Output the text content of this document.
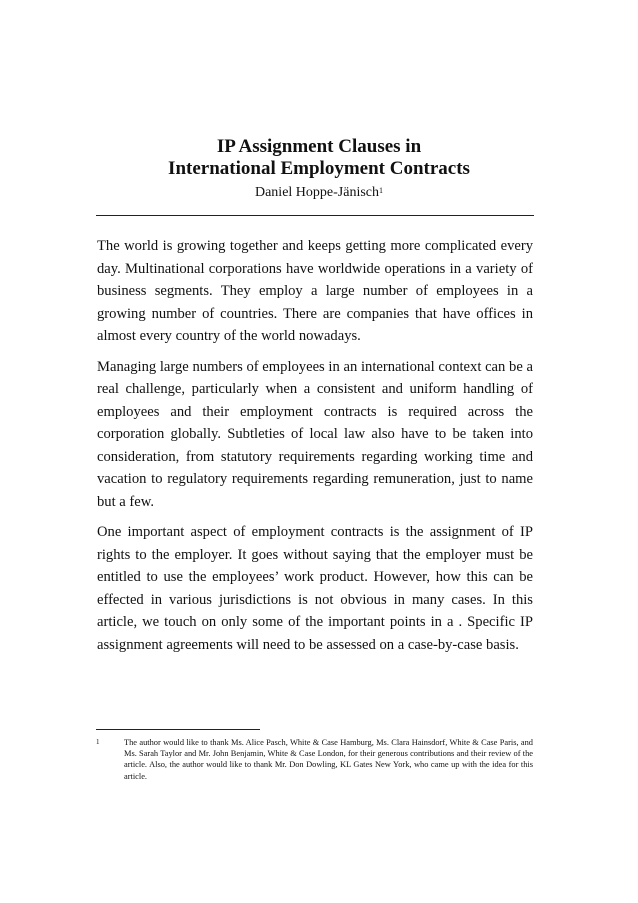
IP Assignment Clauses in

International Employment Contracts

Daniel Hoppe-Jänisch$^1$

The world is growing together and keeps getting more complicated every day. Multinational corporations have worldwide operations in a variety of business segments. They employ a large number of employees in a growing number of countries. There are companies that have offices in almost every country of the world nowadays.

Managing large numbers of employees in an international context can be a real challenge, particularly when a consistent and uniform handling of employees and their employment contracts is required across the corporation globally. Subtleties of local law also have to be taken into consideration, from statutory requirements regarding working time and vacation to regulatory requirements regarding remuneration, just to name but a few.

One important aspect of employment contracts is the assignment of IP rights to the employer. It goes without saying that the employer must be entitled to use the employees’ work product. However, how this can be effected in various jurisdictions is not obvious in many cases. In this article, we touch on only some of the important points in a . Specific IP assignment agreements will need to be assessed on a case-by-case basis.

1	The author would like to thank Ms. Alice Pasch, White & Case Hamburg, Ms. Clara Hainsdorf, White & Case Paris, and Ms. Sarah Taylor and Mr. John Benjamin, White & Case London, for their generous contributions and their review of the article. Also, the author would like to thank Mr. Don Dowling, KL Gates New York, who came up with the idea for this article.
